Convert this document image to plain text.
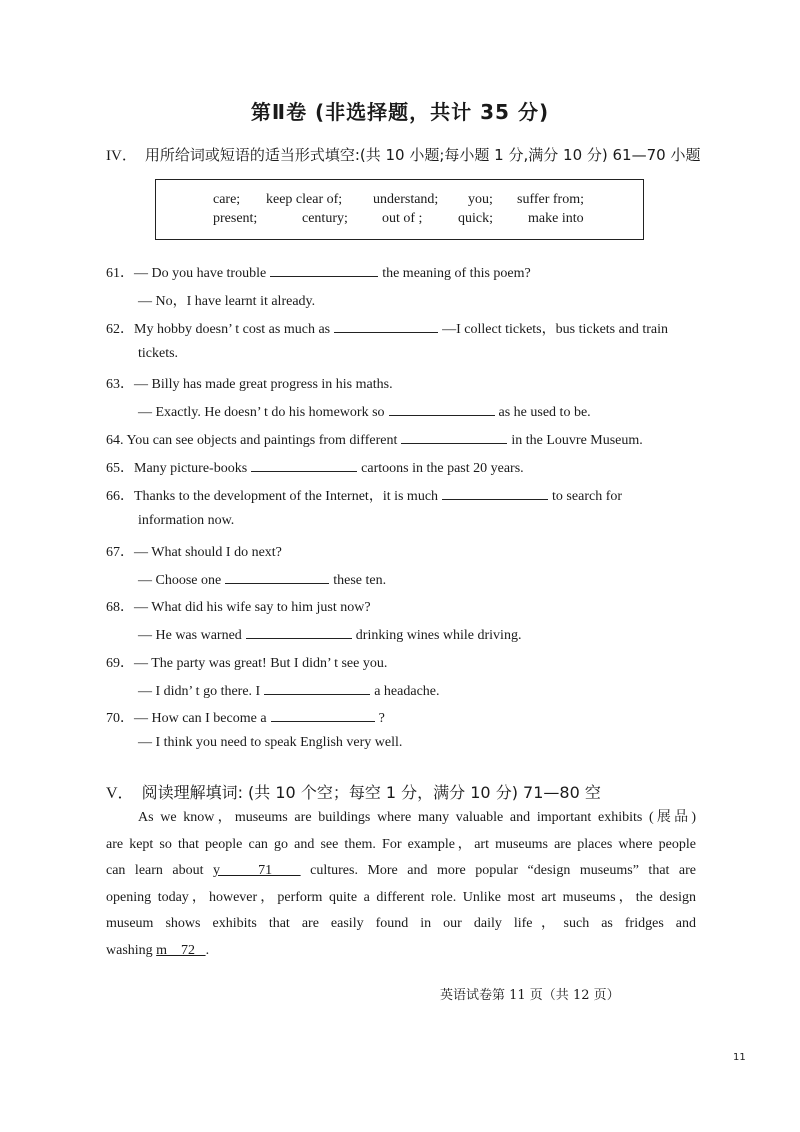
第Ⅱ卷 (非选择题，共计 35 分)
IV． 用所给词或短语的适当形式填空:(共 10 小题;每小题 1 分,满分 10 分) 61—70 小题
care; keep clear of; understand; you; suffer from;
present;	century; out of ;	quick;	make into
61．— Do you have trouble	the meaning of this poem?
— No，I have learnt it already.
62．My hobby doesn’ t cost as much as	—I collect tickets，bus tickets and train
tickets.
63．— Billy has made great progress in his maths.
— Exactly. He doesn’ t do his homework so	as he used to be.
64. You can see objects and paintings from different	in the Louvre Museum.
65．Many picture-books	cartoons in the past 20 years.
66．Thanks to the development of the Internet，it is much	to search for
information now.
67．— What should I do next?
— Choose one	these ten.
68．— What did his wife say to him just now?
— He was warned	drinking wines while driving.
69．— The party was great! But I didn’ t see you.
— I didn’ t go there. I	a headache.
70．— How can I become a	?
— I think you need to speak English very well.
V． 阅读理解填词: (共 10 个空；每空 1 分，满分 10 分) 71—80 空
As we know，museums are buildings where many valuable and important exhibits (展品)
are kept so that people can go and see them. For example，art museums are places where people
can learn about y    71    cultures. More and more popular “design museums” that are
opening today，however，perform quite a different role. Unlike most art museums，the design
museum shows exhibits that are easily found in our daily life，such as fridges and
washing m    72   .
英语试卷第 11 页（共 12 页）
11
